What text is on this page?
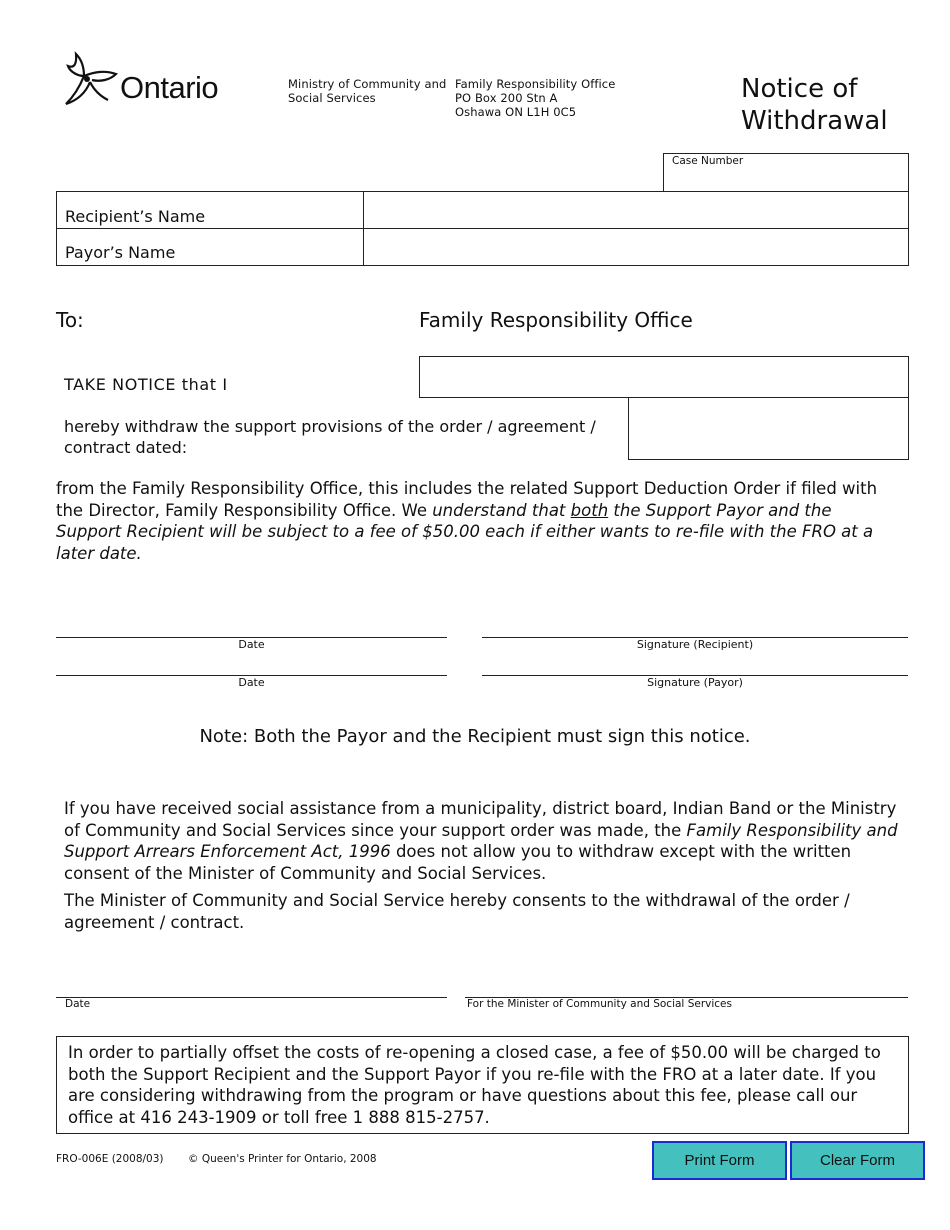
Ontario	Ministry of Community and
Social Services
Family Responsibility Office
PO Box 200 Stn A
Oshawa ON L1H 0C5
Notice of
Withdrawal
Case Number
Recipient’s Name
Payor’s Name
To:	Family Responsibility Office
TAKE NOTICE that I
hereby withdraw the support provisions of the order / agreement /
contract dated:
from the Family Responsibility Office, this includes the related Support Deduction Order if filed with the Director, Family Responsibility Office. We understand that both the Support Payor and the Support Recipient will be subject to a fee of $50.00 each if either wants to re-file with the FRO at a later date.
Date	Signature (Recipient)
Date	Signature (Payor)
Note: Both the Payor and the Recipient must sign this notice.
If you have received social assistance from a municipality, district board, Indian Band or the Ministry of Community and Social Services since your support order was made, the Family Responsibility and Support Arrears Enforcement Act, 1996 does not allow you to withdraw except with the written consent of the Minister of Community and Social Services.
The Minister of Community and Social Service hereby consents to the withdrawal of the order / agreement / contract.
Date	For the Minister of Community and Social Services
In order to partially offset the costs of re-opening a closed case, a fee of $50.00 will be charged to both the Support Recipient and the Support Payor if you re-file with the FRO at a later date. If you are considering withdrawing from the program or have questions about this fee, please call our office at 416 243-1909 or toll free 1 888 815-2757.
FRO-006E (2008/03) © Queen's Printer for Ontario, 2008	Print Form	Clear Form
